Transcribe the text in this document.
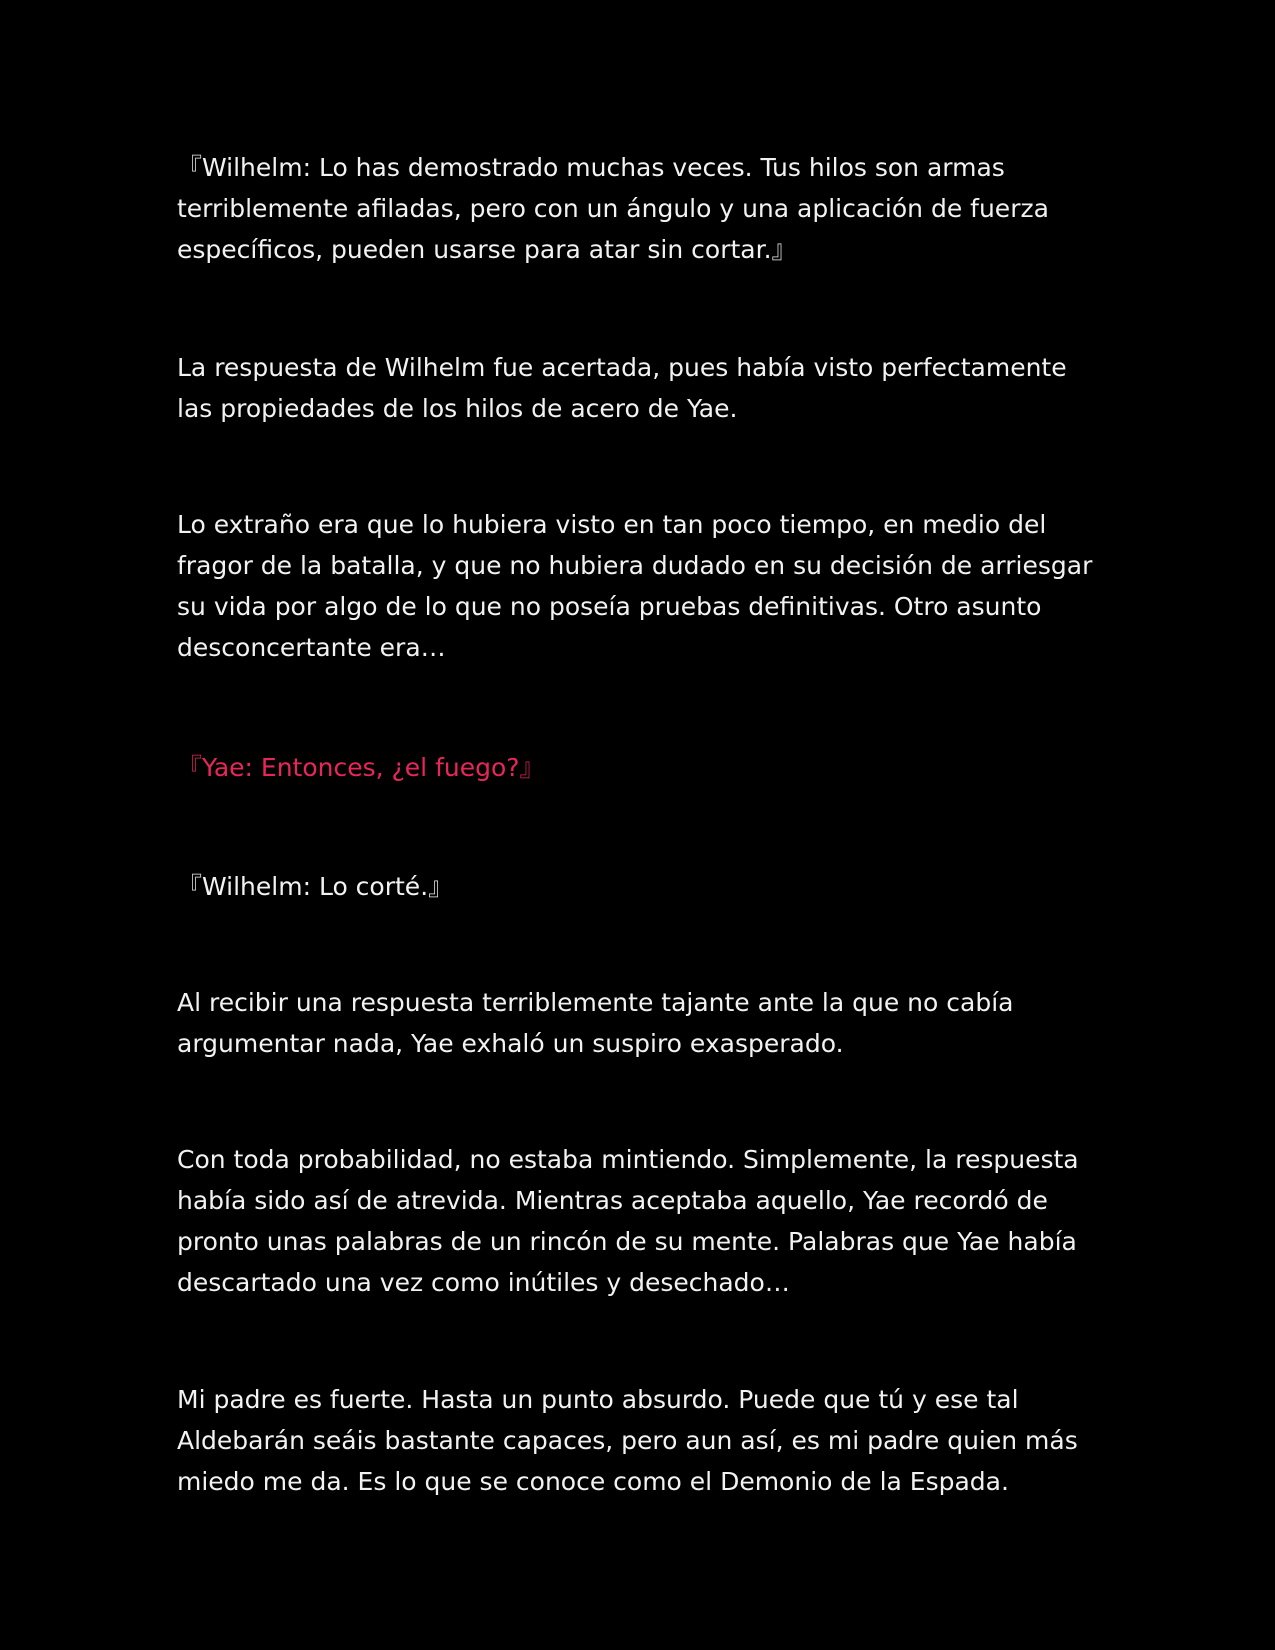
『Wilhelm: Lo has demostrado muchas veces. Tus hilos son armas
terriblemente afiladas, pero con un ángulo y una aplicación de fuerza
específicos, pueden usarse para atar sin cortar.』

La respuesta de Wilhelm fue acertada, pues había visto perfectamente
las propiedades de los hilos de acero de Yae.

Lo extraño era que lo hubiera visto en tan poco tiempo, en medio del
fragor de la batalla, y que no hubiera dudado en su decisión de arriesgar
su vida por algo de lo que no poseía pruebas definitivas. Otro asunto
desconcertante era…

『Yae: Entonces, ¿el fuego?』

『Wilhelm: Lo corté.』

Al recibir una respuesta terriblemente tajante ante la que no cabía
argumentar nada, Yae exhaló un suspiro exasperado.

Con toda probabilidad, no estaba mintiendo. Simplemente, la respuesta
había sido así de atrevida. Mientras aceptaba aquello, Yae recordó de
pronto unas palabras de un rincón de su mente. Palabras que Yae había
descartado una vez como inútiles y desechado…

Mi padre es fuerte. Hasta un punto absurdo. Puede que tú y ese tal
Aldebarán seáis bastante capaces, pero aun así, es mi padre quien más
miedo me da. Es lo que se conoce como el Demonio de la Espada.
